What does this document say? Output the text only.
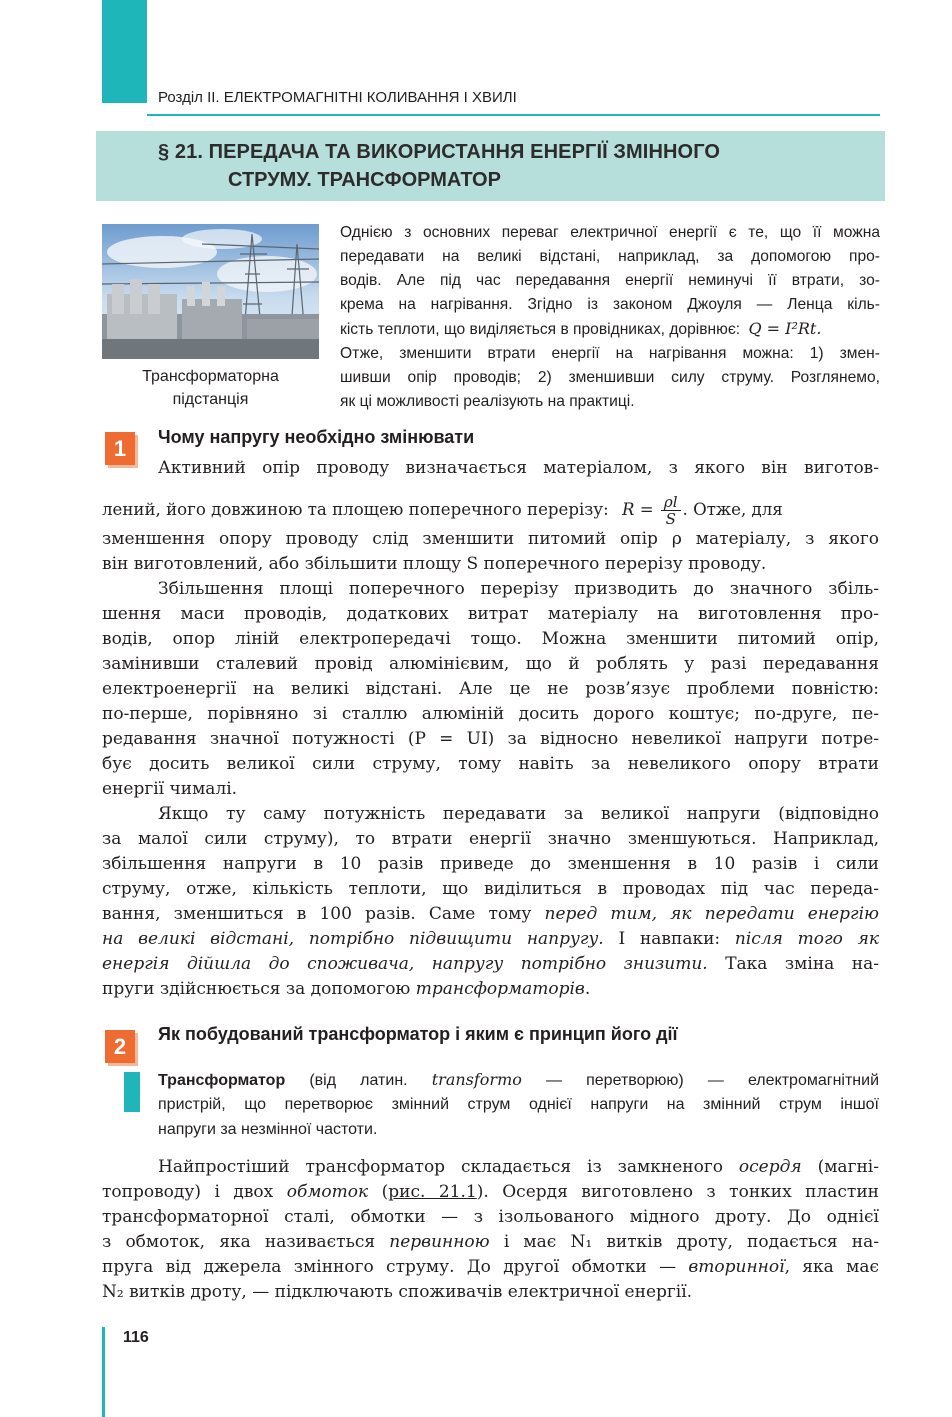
Розділ ІІ. ЕЛЕКТРОМАГНІТНІ КОЛИВАННЯ І ХВИЛІ
§ 21. ПЕРЕДАЧА ТА ВИКОРИСТАННЯ ЕНЕРГІЇ ЗМІННОГО
СТРУМУ. ТРАНСФОРМАТОР
Трансформаторна
підстанція
Однією з основних переваг електричної енергії є те, що її можна
передавати на великі відстані, наприклад, за допомогою про-
водів. Але під час передавання енергії неминучі її втрати, зо-
крема на нагрівання. Згідно із законом Джоуля — Ленца кіль-
кість теплоти, що виділяється в провідниках, дорівнює: Q = I²Rt.
Отже, зменшити втрати енергії на нагрівання можна: 1) змен-
шивши опір проводів; 2) зменшивши силу струму. Розглянемо,
як ці можливості реалізують на практиці.
1	Чому напругу необхідно змінювати
Активний опір проводу визначається матеріалом, з якого він виготов-
лений, його довжиною та площею поперечного перерізу: $R = \frac{\rho l}{S}$ . Отже, для
зменшення опору проводу слід зменшити питомий опір ρ матеріалу, з якого
він виготовлений, або збільшити площу S поперечного перерізу проводу.
Збільшення площі поперечного перерізу призводить до значного збіль-
шення маси проводів, додаткових витрат матеріалу на виготовлення про-
водів, опор ліній електропередачі тощо. Можна зменшити питомий опір,
замінивши сталевий провід алюмінієвим, що й роблять у разі передавання
електроенергії на великі відстані. Але це не розв’язує проблеми повністю:
по-перше, порівняно зі сталлю алюміній досить дорого коштує; по-друге, пе-
редавання значної потужності (P = UI) за відносно невеликої напруги потре-
бує досить великої сили струму, тому навіть за невеликого опору втрати
енергії чималі.
Якщо ту саму потужність передавати за великої напруги (відповідно
за малої сили струму), то втрати енергії значно зменшуються. Наприклад,
збільшення напруги в 10 разів приведе до зменшення в 10 разів і сили
струму, отже, кількість теплоти, що виділиться в проводах під час переда-
вання, зменшиться в 100 разів. Саме тому перед тим, як передати енергію
на великі відстані, потрібно підвищити напругу. І навпаки: після того як
енергія дійшла до споживача, напругу потрібно знизити. Така зміна на-
пруги здійснюється за допомогою трансформаторів.
2	Як побудований трансформатор і яким є принцип його дії
Трансформатор (від латин. transformo — перетворюю) — електромагнітний
пристрій, що перетворює змінний струм однієї напруги на змінний струм іншої
напруги за незмінної частоти.
Найпростіший трансформатор складається із замкненого осердя (магні-
топроводу) і двох обмоток (рис. 21.1). Осердя виготовлено з тонких пластин
трансформаторної сталі, обмотки — з ізольованого мідного дроту. До однієї
з обмоток, яка називається первинною і має N₁ витків дроту, подається на-
пруга від джерела змінного струму. До другої обмотки — вторинної, яка має
N₂ витків дроту, — підключають споживачів електричної енергії.
116
